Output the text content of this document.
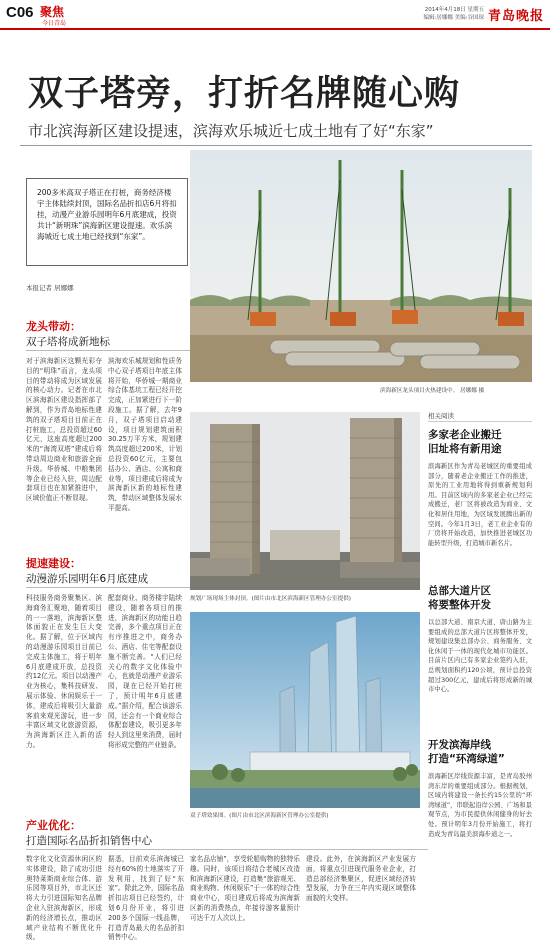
C06 聚焦
今日青岛
2014年4月18日 星期五
编辑:居娜娜 美编:谷国琛 青岛晚报
双子塔旁，打折名牌随心购
市北滨海新区建设提速，滨海欢乐城近七成土地有了好“东家”
200多米高双子塔正在打桩，商务经济楼宇主体陆续封顶，国际名品折扣店6月将扣挂，动漫产业游乐园明年6月底建成，投资共计“新明珠”滨海新区建设提速。欢乐滨海城近七成土地已经找到“东家”。
本报记者 居娜娜
龙头带动：
双子塔将成新地标
对于滨海新区这颗光彩夺目的“明珠”而言，龙头项目的带动将成为区域发展的核心动力。记者在市北区滨海新区建设指挥部了解到，作为青岛地标性建筑的双子塔项目目前正在打桩施工，总投资超过60亿元，这座高度超过200米的“海湾双塔”建成后将带动周边商业和旅游全面升级。华侨城、中粮集团等企业已经入驻，周边配套项目也在加紧推进中，区域价值正不断显现。
滨海欢乐城规划和性质务中心双子塔项目年底主体将开始，华侨城一期商业综合体基坑工程已经开挖完成，正加紧进行下一阶段施工。据了解，去年9月，双子塔项目启动建设，项目规划建筑面积30.25万平方米，规划建筑高度超过200米，计划总投资60亿元，主要包括办公、酒店、公寓和商业等，项目建成后将成为滨海新区新的地标性建筑，带动区域整体发展水平提高。
提速建设：
动漫游乐园明年6月底建成
科技服务商务聚集区、滨海商务汇聚地，随着项目的一一落地，滨海新区整体面貌正在发生巨大变化。据了解，位于区域内的动漫游乐园项目目前已完成主体施工，将于明年6月底建成开放，总投资约12亿元。项目以动漫产业为核心，集科技研发、展示体验、休闲娱乐于一体，建成后将吸引大量游客前来观光游玩，进一步丰富区域文化旅游资源，为滨海新区注入新的活力。
配套商业、商务楼宇陆续建设，随着各项目的推进，滨海新区的功能日趋完善，多个重点项目正在有序推进之中，商务办公、酒店、住宅等配套设施不断完善。“人们已经关心的数字文化体验中心，也就是动漫产业游乐园，现在已经开始打桩了，预计明年6月底建成。”据介绍，配合该游乐园，还会有一个商业综合体配套建设，吸引更多年轻人到这里来消费，届时将形成完整的产业链条。
产业优化：
打造国际名品折扣销售中心
数字化文化资源休闲区的实体建设，除了成功引进奥特莱斯商业综合体、游乐园等项目外，市北区还将大力引进国际知名品牌企业入驻滨海新区，形成新的经济增长点，推动区域产业结构不断优化升级。
据悉，目前欢乐滨海城已经有60%的土地落实了开发利用，找到了好“东家”。除此之外，国际名品折扣店项目已经签约，计划6月份开业，将引进200多个国际一线品牌，打造青岛最大的名品折扣销售中心。
家名品店铺”，享受轮船购物的独特乐趣。同时，该项目将结合老城区改造和滨海新区建设，打造集“旅游观光、商业购物、休闲娱乐”于一体的综合性商业中心，项目建成后将成为滨海新区新的消费热点，年接待游客量预计可达千万人次以上。
建设。此外，在滨海新区产业发展方面，将重点引进现代服务业企业，打造总部经济集聚区，促进区域经济转型发展，力争在三年内实现区域整体面貌的大变样。
滨海新区龙头项目火热建设中。 居娜娜 摄
规划广场现场主体封顶。(图片由市北区滨海新区管理办公室提供)
双子塔效果图。(图片由市北区滨海新区管理办公室提供)
相关阅读
多家老企业搬迁
旧址将有新用途
滨海新区作为青岛老城区的重要组成部分，随着老企业搬迁工作的推进，原先的工业用地将得到重新规划利用。目前区域内的多家老企业已经完成搬迁，老厂区将被改造为商业、文化和居住用地，为区域发展腾出新的空间。今年1月3日，老工业企业有的厂房将开始改造，加快推进老城区功能转型升级，打造城市新名片。
总部大道片区
将要整体开发
以总部大道、南京大道、唐山路为主要组成的总部大道片区将整体开发，规划建设集总部办公、商务服务、文化休闲于一体的现代化城市功能区。目前片区内已有多家企业签约入驻，总规划面积约120公顷，预计总投资超过300亿元，建成后将形成新的城市中心。
开发滨海岸线
打造“环湾绿道”
滨海新区岸线资源丰富，是青岛胶州湾东岸的重要组成部分。根据规划，区域内将建设一条长约15公里的“环湾绿道”，串联起沿岸公园、广场和景观节点，为市民提供休闲健身的好去处。预计明年3月份开始施工，将打造成为青岛最美滨海步道之一。
